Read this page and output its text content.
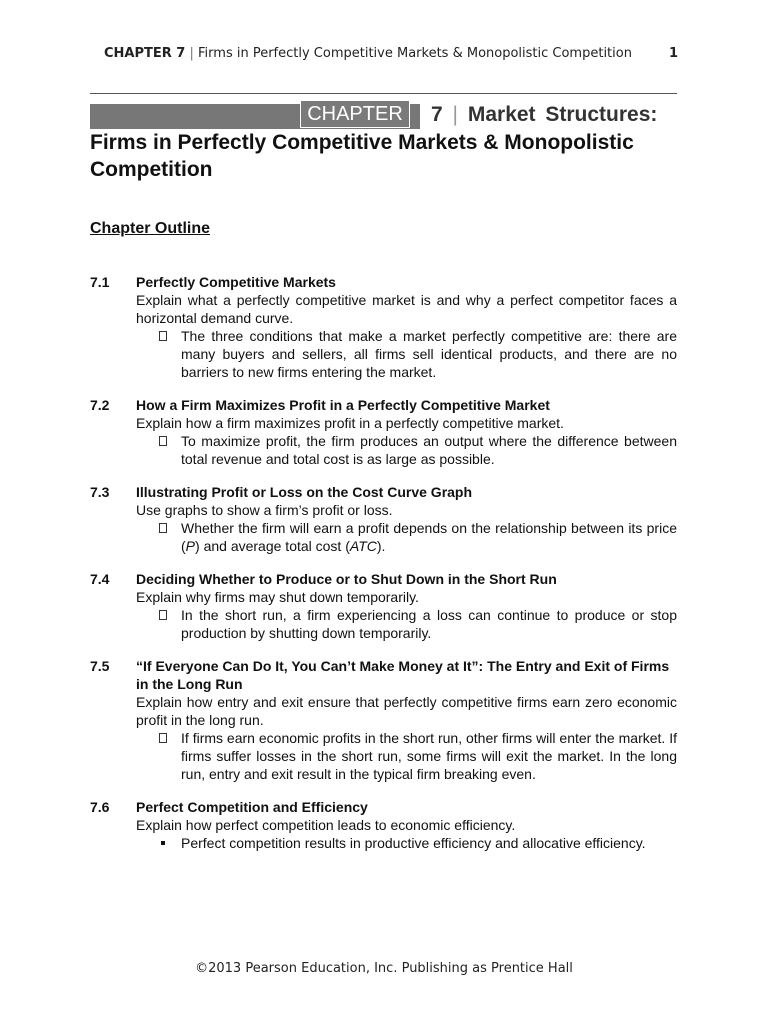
CHAPTER 7 | Firms in Perfectly Competitive Markets & Monopolistic Competition	1
CHAPTER	7 | Market Structures:
Firms in Perfectly Competitive Markets & Monopolistic Competition
Chapter Outline
7.1 Perfectly Competitive Markets
Explain what a perfectly competitive market is and why a perfect competitor faces a horizontal demand curve.
The three conditions that make a market perfectly competitive are: there are many buyers and sellers, all firms sell identical products, and there are no barriers to new firms entering the market.
7.2 How a Firm Maximizes Profit in a Perfectly Competitive Market
Explain how a firm maximizes profit in a perfectly competitive market.
To maximize profit, the firm produces an output where the difference between total revenue and total cost is as large as possible.
7.3 Illustrating Profit or Loss on the Cost Curve Graph
Use graphs to show a firm’s profit or loss.
Whether the firm will earn a profit depends on the relationship between its price (P) and average total cost (ATC).
7.4 Deciding Whether to Produce or to Shut Down in the Short Run
Explain why firms may shut down temporarily.
In the short run, a firm experiencing a loss can continue to produce or stop production by shutting down temporarily.
7.5 “If Everyone Can Do It, You Can’t Make Money at It”: The Entry and Exit of Firms in the Long Run
Explain how entry and exit ensure that perfectly competitive firms earn zero economic profit in the long run.
If firms earn economic profits in the short run, other firms will enter the market. If firms suffer losses in the short run, some firms will exit the market. In the long run, entry and exit result in the typical firm breaking even.
7.6 Perfect Competition and Efficiency
Explain how perfect competition leads to economic efficiency.
Perfect competition results in productive efficiency and allocative efficiency.
©2013 Pearson Education, Inc. Publishing as Prentice Hall
